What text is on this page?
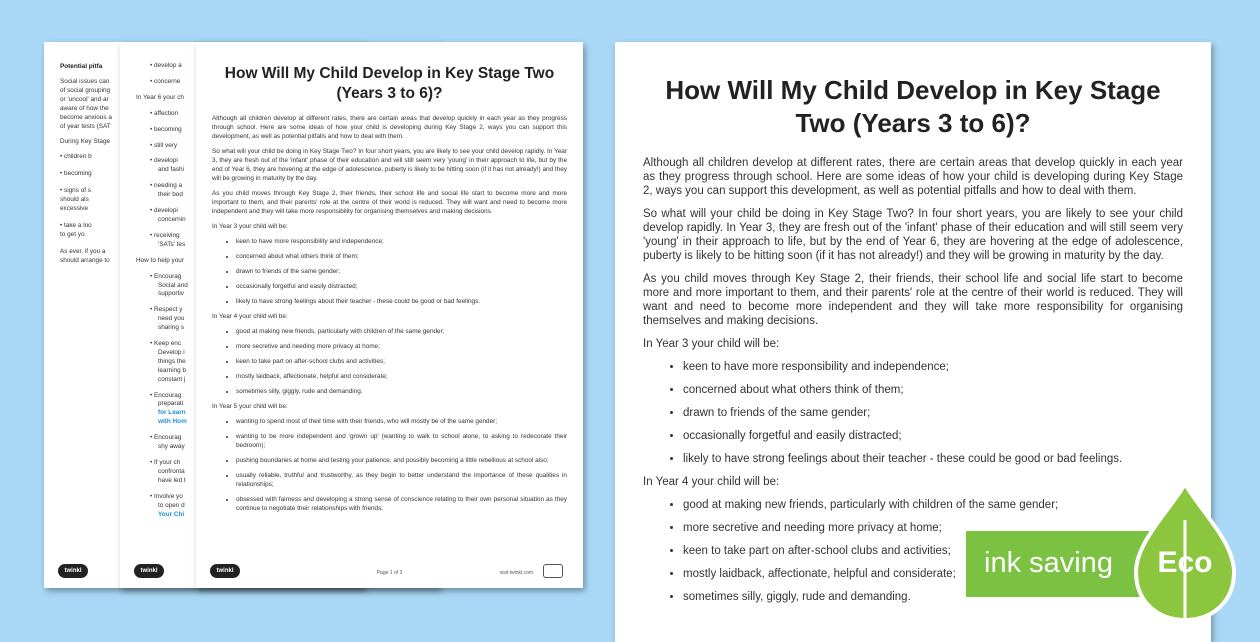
Potential pitfa

Social issues can
of social grouping
or 'uncool' and ar
aware of how the
become anxious a
of year tests (SAT
During Key Stage
• children b
• becoming
• signs of s
should als
excessive
• take a loo
to get yo
As ever, if you a
should arrange to
twinkl
• develop a
• concerne
In Year 6 your ch
• affection
• becoming
• still very
• developi
and fashi
• needing a
their bod
• developi
concernin
• receiving
'SATs' tes
How to help your
• Encourag
Social and
supportiv
• Respect y
need you
sharing s
• Keep enc
Develop i
things the
learning b
constant j
• Encourag
preparati
for Learn
with Hom
• Encourag
shy away
• If your ch
confronta
have led t
• Involve yo
to open d
Your Chi
twinkl
How Will My Child Develop in Key Stage Two (Years 3 to 6)?

Although all children develop at different rates, there are certain areas that develop quickly in each year as they progress through school. Here are some ideas of how your child is developing during Key Stage 2, ways you can support this development, as well as potential pitfalls and how to deal with them.

So what will your child be doing in Key Stage Two? In four short years, you are likely to see your child develop rapidly. In Year 3, they are fresh out of the 'infant' phase of their education and will still seem very 'young' in their approach to life, but by the end of Year 6, they are hovering at the edge of adolescence, puberty is likely to be hitting soon (if it has not already!) and they will be growing in maturity by the day.

As you child moves through Key Stage 2, their friends, their school life and social life start to become more and more important to them, and their parents' role at the centre of their world is reduced. They will want and need to become more independent and they will take more responsibility for organising themselves and making decisions.

In Year 3 your child will be:

• keen to have more responsibility and independence;
• concerned about what others think of them;
• drawn to friends of the same gender;
• occasionally forgetful and easily distracted;
• likely to have strong feelings about their teacher - these could be good or bad feelings.

In Year 4 your child will be:

• good at making new friends, particularly with children of the same gender;
• more secretive and needing more privacy at home;
• keen to take part on after-school clubs and activities;
• mostly laidback, affectionate, helpful and considerate;
• sometimes silly, giggly, rude and demanding.

In Year 5 your child will be:

• wanting to spend most of their time with their friends, who will mostly be of the same gender;
• wanting to be more independent and 'grown up' (wanting to walk to school alone, to asking to redecorate their bedroom);
• pushing boundaries at home and testing your patience, and possibly becoming a little rebellious at school also;
• usually reliable, truthful and trustworthy, as they begin to better understand the importance of these qualities in relationships;
• obsessed with fairness and developing a strong sense of conscience relating to their own personal situation as they continue to negotiate their relationships with friends;
twinkl	Page 1 of 3	visit twinkl.com
How Will My Child Develop in Key Stage Two (Years 3 to 6)?

Although all children develop at different rates, there are certain areas that develop quickly in each year as they progress through school. Here are some ideas of how your child is developing during Key Stage 2, ways you can support this development, as well as potential pitfalls and how to deal with them.

So what will your child be doing in Key Stage Two? In four short years, you are likely to see your child develop rapidly. In Year 3, they are fresh out of the 'infant' phase of their education and will still seem very 'young' in their approach to life, but by the end of Year 6, they are hovering at the edge of adolescence, puberty is likely to be hitting soon (if it has not already!) and they will be growing in maturity by the day.

As you child moves through Key Stage 2, their friends, their school life and social life start to become more and more important to them, and their parents' role at the centre of their world is reduced. They will want and need to become more independent and they will take more responsibility for organising themselves and making decisions.

In Year 3 your child will be:

• keen to have more responsibility and independence;
• concerned about what others think of them;
• drawn to friends of the same gender;
• occasionally forgetful and easily distracted;
• likely to have strong feelings about their teacher - these could be good or bad feelings.

In Year 4 your child will be:

• good at making new friends, particularly with children of the same gender;
• more secretive and needing more privacy at home;
• keen to take part on after-school clubs and activities;
• mostly laidback, affectionate, helpful and considerate;
• sometimes silly, giggly, rude and demanding.
ink saving Eco
